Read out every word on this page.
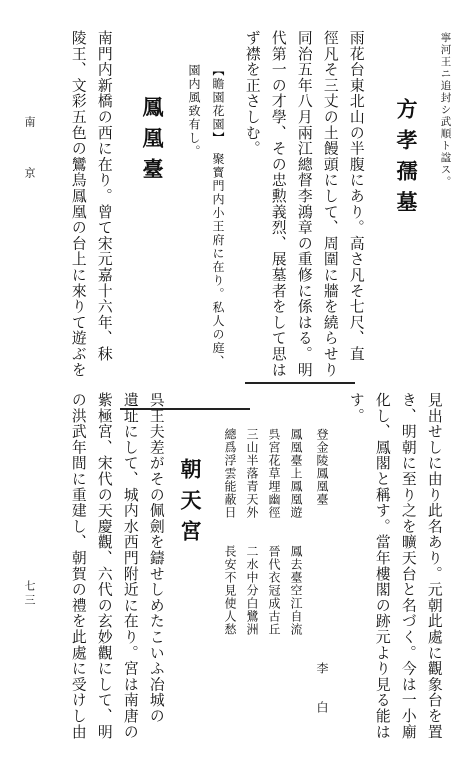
寧河王ニ追封シ武順ト諡ス。
方孝孺墓
雨花台東北山の半腹にあり。高さ凡そ七尺、直
徑凡そ三丈の土饅頭にして、周圍に牆を繞らせり
同治五年八月兩江總督李鴻章の重修に係はる。明
代第一の才學、その忠勲義烈、展墓者をして思は
ず襟を正さしむ。
【瞻園花園】　聚寳門内小王府に在り。私人の庭、
園内風致有し。
鳳凰臺
南門内新橋の西に在り。曾て宋元嘉十六年、秣
陵王、文彩五色の鸞鳥鳳凰の台上に來りて遊ぶを
見出せしに由り此名あり。元朝此處に觀象台を置
き、明朝に至り之を曠天台と名づく。今は一小廟
化し、鳳閣と稱す。當年樓閣の跡元より見る能は
す。
登金陵鳳凰臺
李　　白
鳳凰臺上鳳凰遊　　鳳去臺空江自流
呉宮花草埋幽徑　　晉代衣冠成古丘
三山半落青天外　　二水中分白鷺洲
總爲浮雲能蔽日　　長安不見使人愁
朝天宮
呉王夫差がその佩劍を鑄せしめたこいふ冶城の
遺址にして、城内水西門附近に在り。宮は南唐の
紫極宮、宋代の天慶觀、六代の玄妙觀にして、明
の洪武年間に重建し、朝賀の禮を此處に受けし由
南　　京
七三
